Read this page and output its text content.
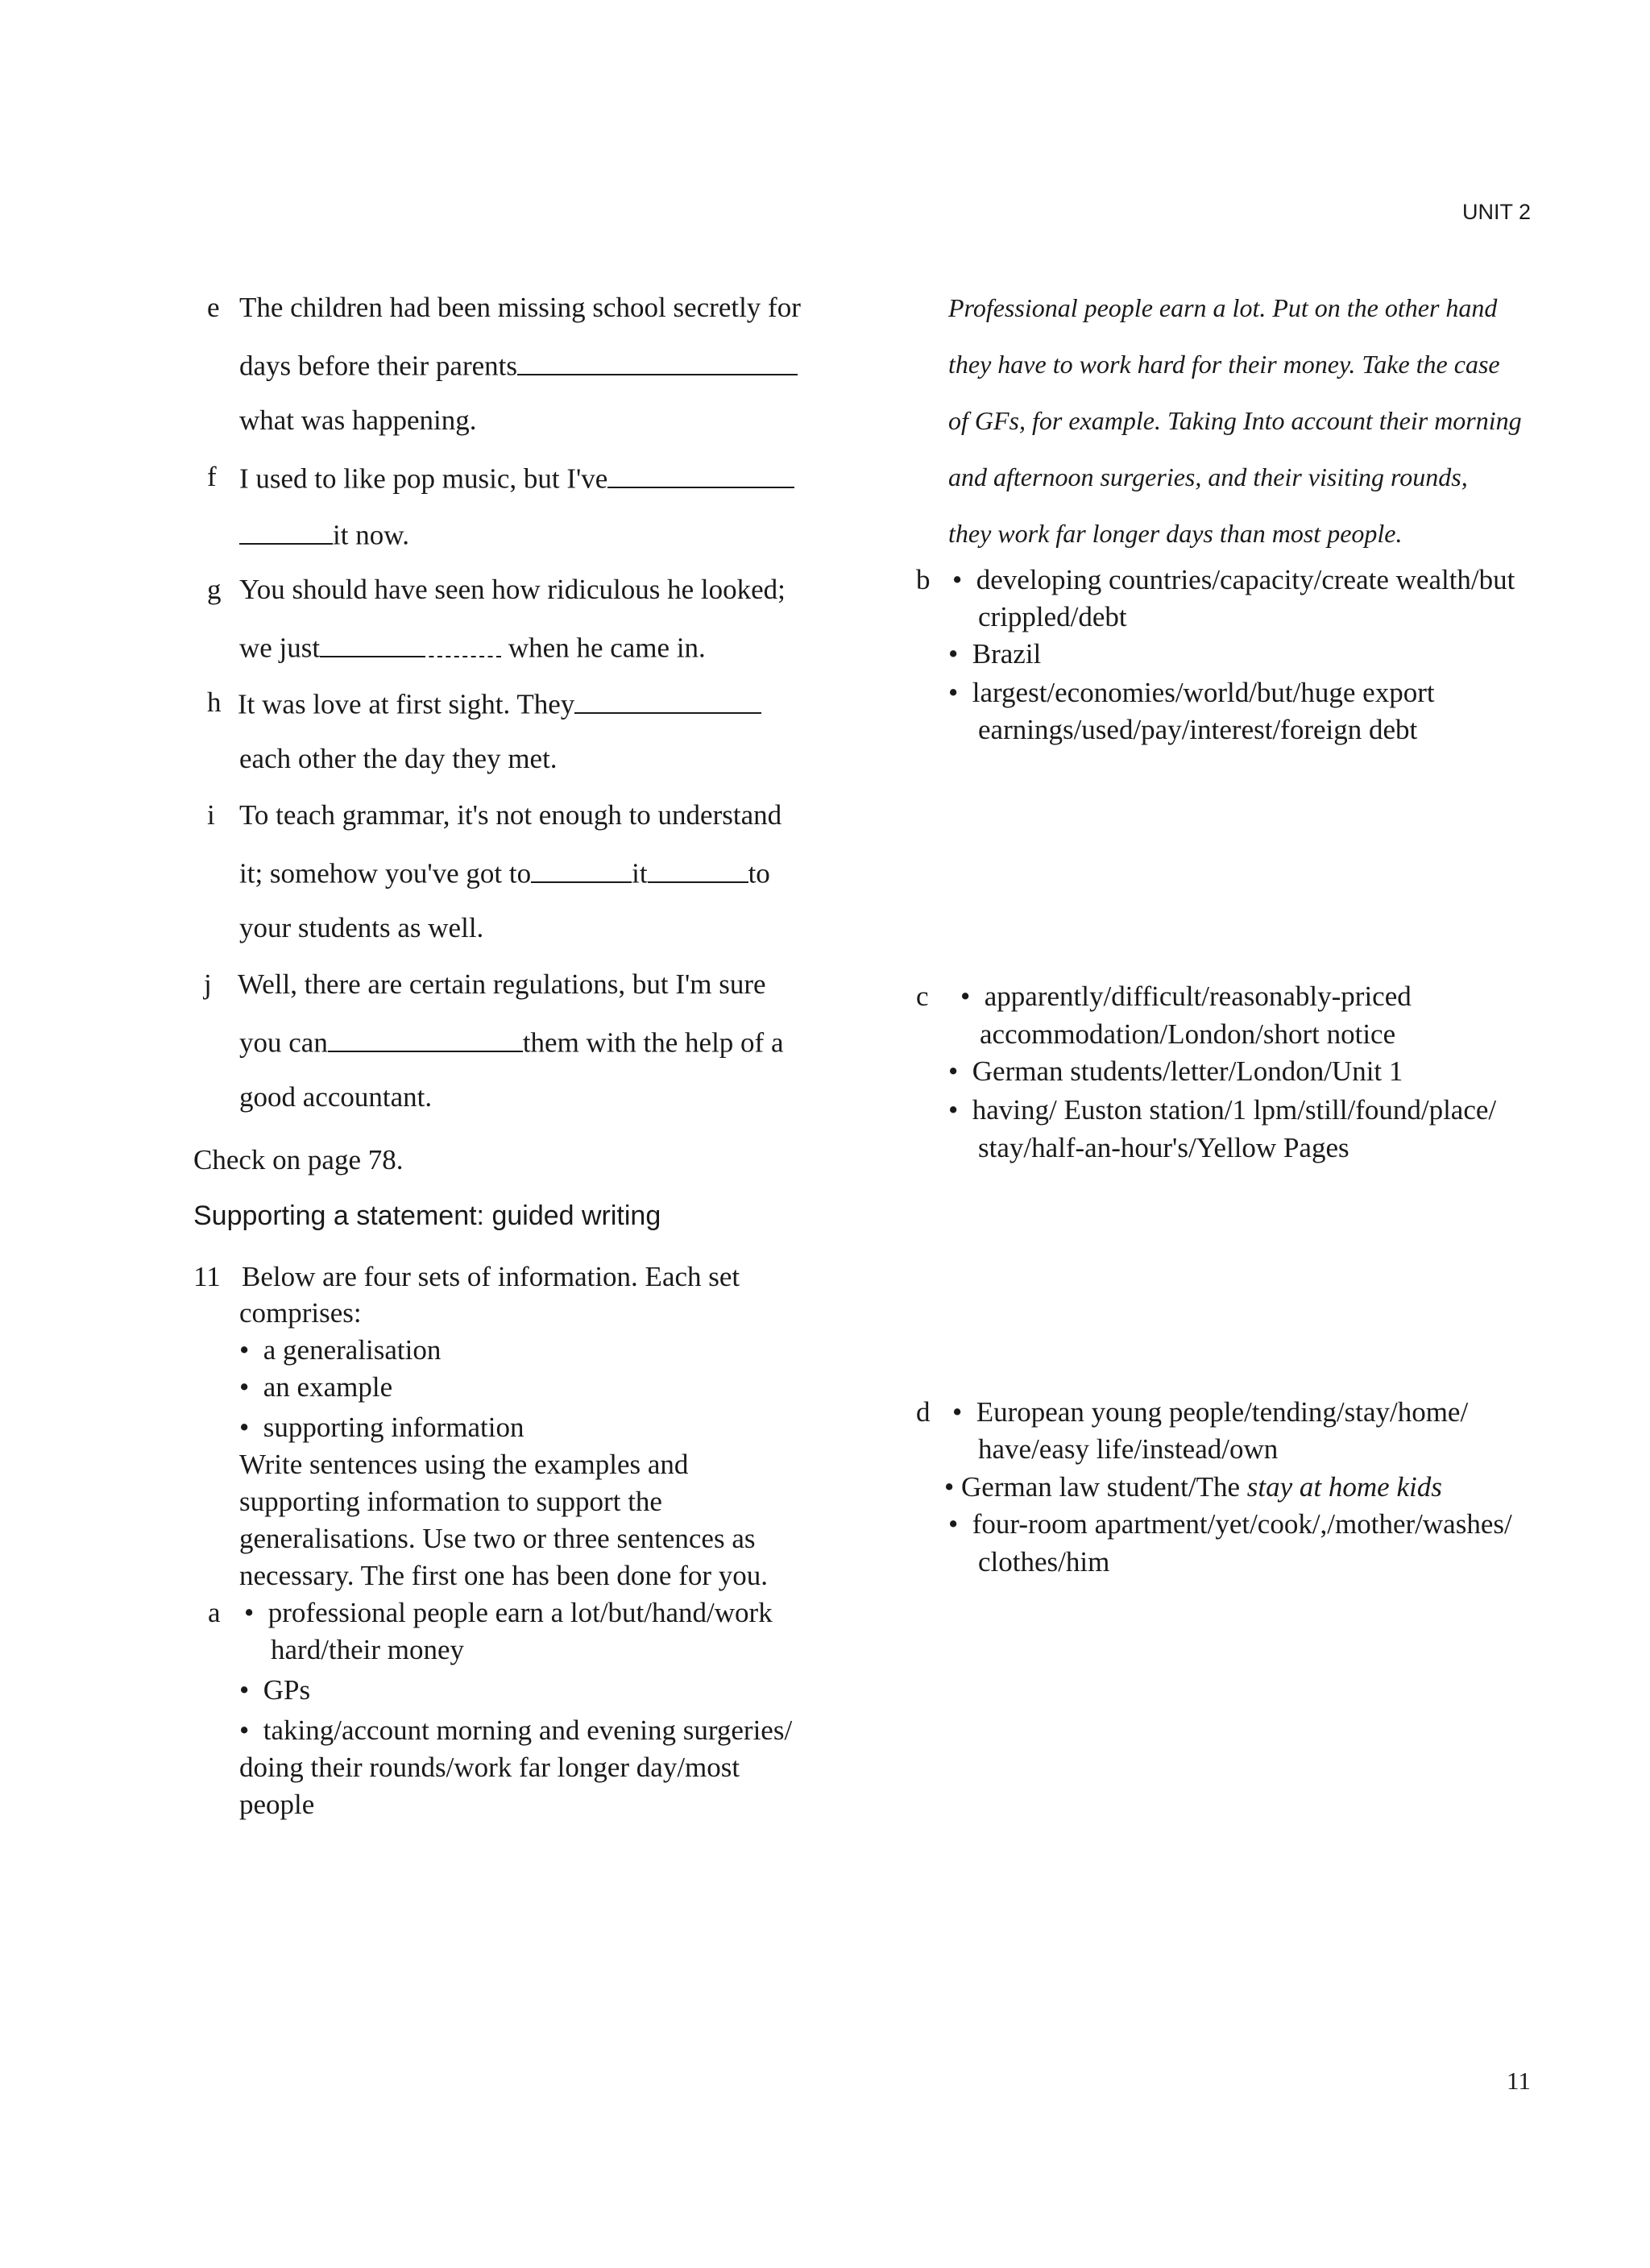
UNIT 2
e The children had been missing school secretly for
days before their parents
what was happening.
f I used to like pop music, but I've
it now.
g You should have seen how ridiculous he looked;
we just	when he came in.
h It was love at first sight. They
each other the day they met.
i To teach grammar, it's not enough to understand
it; somehow you've got to	it	to
your students as well.
j Well, there are certain regulations, but I'm sure
you can	them with the help of a
good accountant.
Check on page 78.
Supporting a statement: guided writing
11 Below are four sets of information. Each set
comprises:
•  a generalisation
•  an example
•  supporting information
Write sentences using the examples and
supporting information to support the
generalisations. Use two or three sentences as
necessary. The first one has been done for you.
a •  professional people earn a lot/but/hand/work
hard/their money
•  GPs
•  taking/account morning and evening surgeries/
doing their rounds/work far longer day/most
people
Professional people earn a lot. Put on the other hand
they have to work hard for their money. Take the case
of GFs, for example. Taking Into account their morning
and afternoon surgeries, and their visiting rounds,
they work far longer days than most people.
b •  developing countries/capacity/create wealth/but
crippled/debt
•  Brazil
•  largest/economies/world/but/huge export
earnings/used/pay/interest/foreign debt
c •  apparently/difficult/reasonably-priced
accommodation/London/short notice
•  German students/letter/London/Unit 1
•  having/ Euston station/1 lpm/still/found/place/
stay/half-an-hour's/Yellow Pages
d •  European young people/tending/stay/home/
have/easy life/instead/own
• German law student/The stay at home kids
•  four-room apartment/yet/cook/,/mother/washes/
clothes/him
11
